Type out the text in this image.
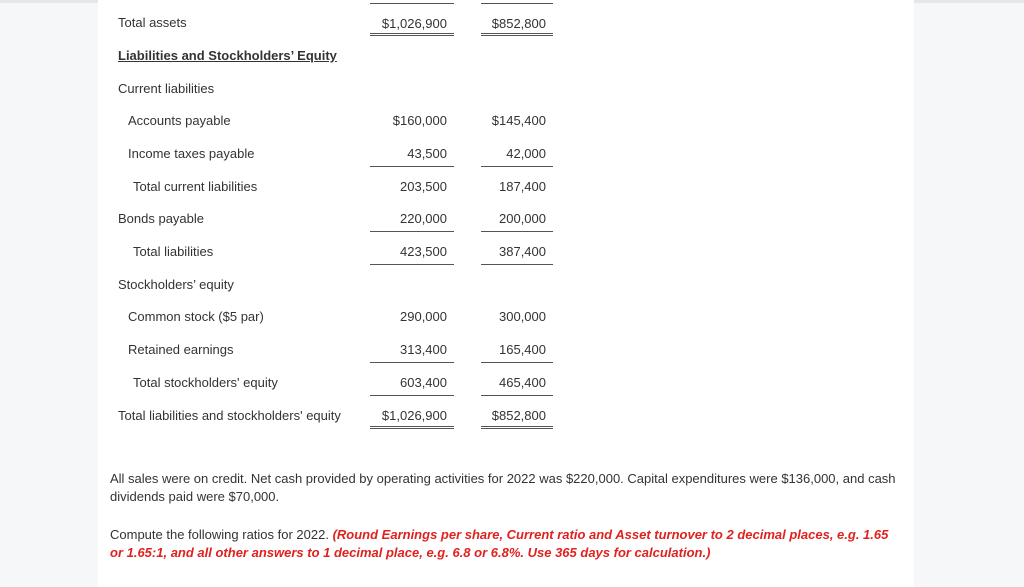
Total assets	$1,026,900	$852,800
Liabilities and Stockholders’ Equity
Current liabilities
Accounts payable	$160,000	$145,400
Income taxes payable	43,500	42,000
Total current liabilities	203,500	187,400
Bonds payable	220,000	200,000
Total liabilities	423,500	387,400
Stockholders’ equity
Common stock ($5 par)	290,000	300,000
Retained earnings	313,400	165,400
Total stockholders' equity	603,400	465,400
Total liabilities and stockholders' equity	$1,026,900	$852,800

All sales were on credit. Net cash provided by operating activities for 2022 was $220,000. Capital expenditures were $136,000, and cash dividends paid were $70,000.

Compute the following ratios for 2022. (Round Earnings per share, Current ratio and Asset turnover to 2 decimal places, e.g. 1.65 or 1.65:1, and all other answers to 1 decimal place, e.g. 6.8 or 6.8%. Use 365 days for calculation.)
